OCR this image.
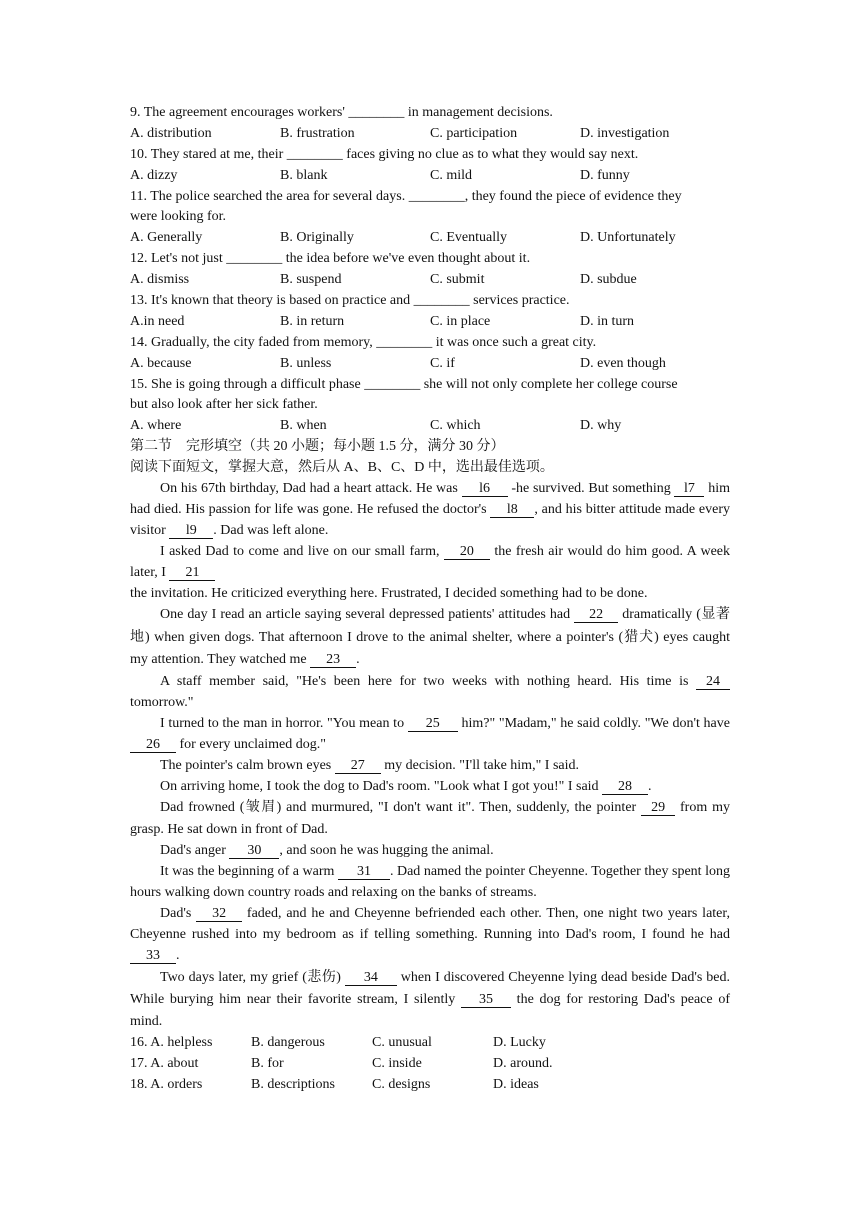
9. The agreement encourages workers' ________ in management decisions.
A. distribution	B. frustration	C. participation	D. investigation
10. They stared at me, their ________ faces giving no clue as to what they would say next.
A. dizzy	B. blank	C. mild	D. funny
11. The police searched the area for several days. ________, they found the piece of evidence they
were looking for.
A. Generally	B. Originally	C. Eventually	D. Unfortunately
12. Let's not just ________ the idea before we've even thought about it.
A. dismiss	B. suspend	C. submit	D. subdue
13. It's known that theory is based on practice and ________ services practice.
A.in need	B. in return	C. in place	D. in turn
14. Gradually, the city faded from memory, ________ it was once such a great city.
A. because	B. unless	C. if	D. even though
15. She is going through a difficult phase ________ she will not only complete her college course
but also look after her sick father.
A. where	B. when	C. which	D. why
第二节　完形填空（共 20 小题；每小题 1.5 分，满分 30 分）
阅读下面短文，掌握大意，然后从 A、B、C、D 中，选出最佳选项。

On his 67th birthday, Dad had a heart attack. He was l6 -he survived. But something l7 him had died. His passion for life was gone. He refused the doctor's l8 , and his bitter attitude made every visitor l9 . Dad was left alone.

I asked Dad to come and live on our small farm, 20 the fresh air would do him good. A week later, I 21

the invitation. He criticized everything here. Frustrated, I decided something had to be done.

One day I read an article saying several depressed patients' attitudes had 22 dramatically (显著地) when given dogs. That afternoon I drove to the animal shelter, where a pointer's (猎犬) eyes caught my attention. They watched me 23 .

A staff member said, "He's been here for two weeks with nothing heard. His time is 24 tomorrow."

I turned to the man in horror. "You mean to 25 him?" "Madam," he said coldly. "We don't have 26 for every unclaimed dog."

The pointer's calm brown eyes 27 my decision. "I'll take him," I said.

On arriving home, I took the dog to Dad's room. "Look what I got you!" I said 28 .

Dad frowned (皱眉) and murmured, "I don't want it". Then, suddenly, the pointer 29 from my grasp. He sat down in front of Dad.

Dad's anger 30 , and soon he was hugging the animal.

It was the beginning of a warm 31 . Dad named the pointer Cheyenne. Together they spent long hours walking down country roads and relaxing on the banks of streams.

Dad's 32 faded, and he and Cheyenne befriended each other. Then, one night two years later, Cheyenne rushed into my bedroom as if telling something. Running into Dad's room, I found he had 33 .

Two days later, my grief (悲伤) 34 when I discovered Cheyenne lying dead beside Dad's bed. While burying him near their favorite stream, I silently 35 the dog for restoring Dad's peace of mind.

16. A. helpless	B. dangerous	C. unusual	D. Lucky
17. A. about	B. for	C. inside	D. around.
18. A. orders	B. descriptions	C. designs	D. ideas
